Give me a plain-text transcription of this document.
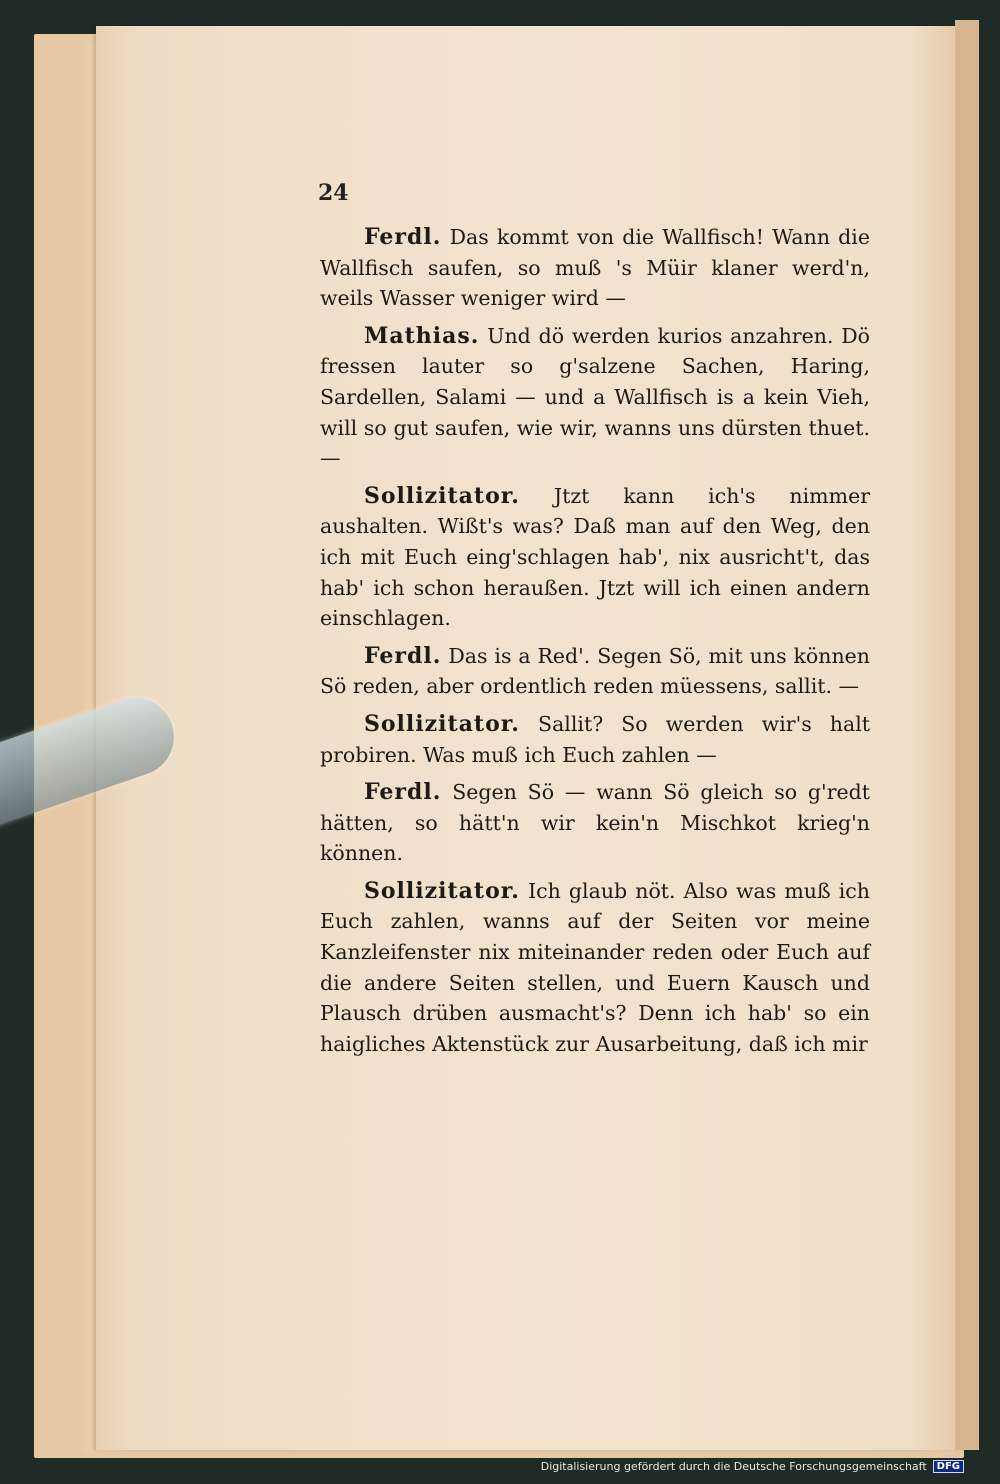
24

Ferdl. Das kommt von die Wallfisch! Wann die Wallfisch saufen, so muß 's Müir klaner werd'n, weils Wasser weniger wird —

Mathias. Und dö werden kurios anzahren. Dö fressen lauter so g'salzene Sachen, Haring, Sardellen, Salami — und a Wallfisch is a kein Vieh, will so gut saufen, wie wir, wanns uns dürsten thuet. —

Sollizitator. Jtzt kann ich's nimmer aushalten. Wißt's was? Daß man auf den Weg, den ich mit Euch eing'schlagen hab', nix ausricht't, das hab' ich schon heraußen. Jtzt will ich einen andern einschlagen.

Ferdl. Das is a Red'. Segen Sö, mit uns können Sö reden, aber ordentlich reden müessens, sallit. —

Sollizitator. Sallit? So werden wir's halt probiren. Was muß ich Euch zahlen —

Ferdl. Segen Sö — wann Sö gleich so g'redt hätten, so hätt'n wir kein'n Mischkot krieg'n können.

Sollizitator. Ich glaub nöt. Also was muß ich Euch zahlen, wanns auf der Seiten vor meine Kanzleifenster nix miteinander reden oder Euch auf die andere Seiten stellen, und Euern Kausch und Plausch drüben ausmacht's? Denn ich hab' so ein haigliches Aktenstück zur Ausarbeitung, daß ich mir

Digitalisierung gefördert durch die Deutsche Forschungsgemeinschaft	DFG
